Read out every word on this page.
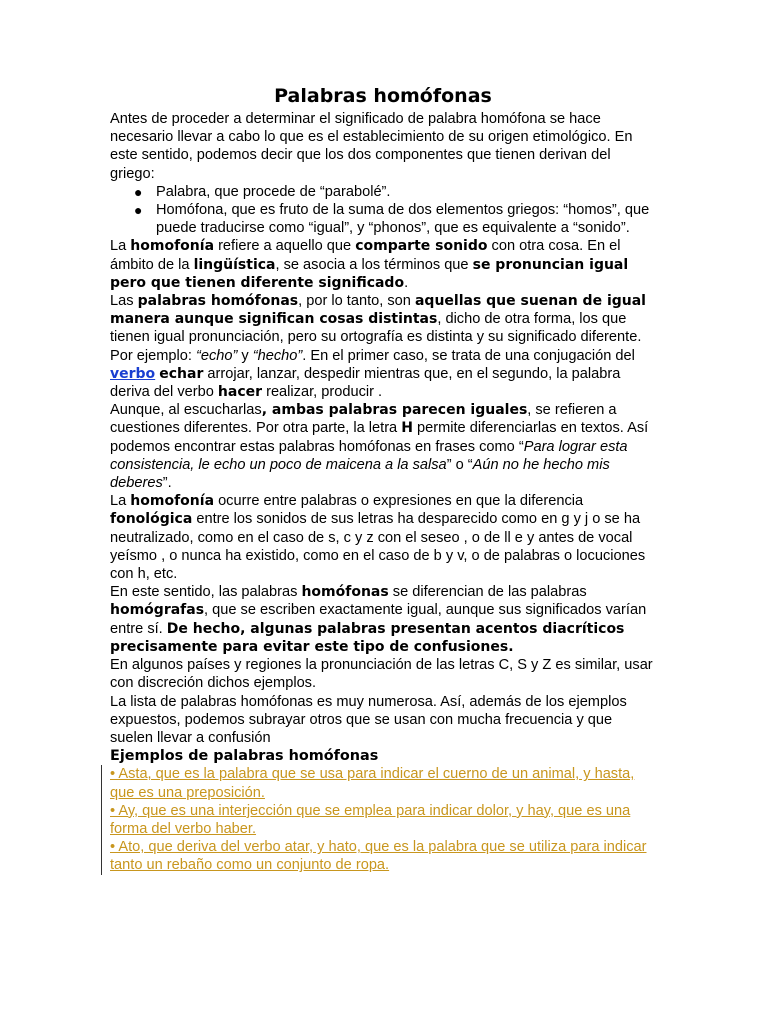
Palabras homófonas

Antes de proceder a determinar el significado de palabra homófona se hace necesario llevar a cabo lo que es el establecimiento de su origen etimológico. En este sentido, podemos decir que los dos componentes que tienen derivan del griego:

● Palabra, que procede de “parabolé”.
● Homófona, que es fruto de la suma de dos elementos griegos: “homos”, que puede traducirse como “igual”, y “phonos”, que es equivalente a “sonido”.

La homofonía refiere a aquello que comparte sonido con otra cosa. En el ámbito de la lingüística, se asocia a los términos que se pronuncian igual pero que tienen diferente significado.

Las palabras homófonas, por lo tanto, son aquellas que suenan de igual manera aunque significan cosas distintas, dicho de otra forma, los que tienen igual pronunciación, pero su ortografía es distinta y su significado diferente. Por ejemplo: “echo” y “hecho”. En el primer caso, se trata de una conjugación del verbo echar arrojar, lanzar, despedir mientras que, en el segundo, la palabra deriva del verbo hacer realizar, producir .

Aunque, al escucharlas, ambas palabras parecen iguales, se refieren a cuestiones diferentes. Por otra parte, la letra H permite diferenciarlas en textos. Así podemos encontrar estas palabras homófonas en frases como “Para lograr esta consistencia, le echo un poco de maicena a la salsa” o “Aún no he hecho mis deberes”.

La homofonía ocurre entre palabras o expresiones en que la diferencia fonológica entre los sonidos de sus letras ha desparecido como en g y j o se ha neutralizado, como en el caso de s, c y z con el seseo , o de ll e y antes de vocal yeísmo , o nunca ha existido, como en el caso de b y v, o de palabras o locuciones con h, etc.

En este sentido, las palabras homófonas se diferencian de las palabras homógrafas, que se escriben exactamente igual, aunque sus significados varían entre sí. De hecho, algunas palabras presentan acentos diacríticos precisamente para evitar este tipo de confusiones.

En algunos países y regiones la pronunciación de las letras C, S y Z es similar, usar con discreción dichos ejemplos.

La lista de palabras homófonas es muy numerosa. Así, además de los ejemplos expuestos, podemos subrayar otros que se usan con mucha frecuencia y que suelen llevar a confusión

Ejemplos de palabras homófonas

• Asta, que es la palabra que se usa para indicar el cuerno de un animal, y hasta, que es una preposición.

• Ay, que es una interjección que se emplea para indicar dolor, y hay, que es una forma del verbo haber.

• Ato, que deriva del verbo atar, y hato, que es la palabra que se utiliza para indicar tanto un rebaño como un conjunto de ropa.
